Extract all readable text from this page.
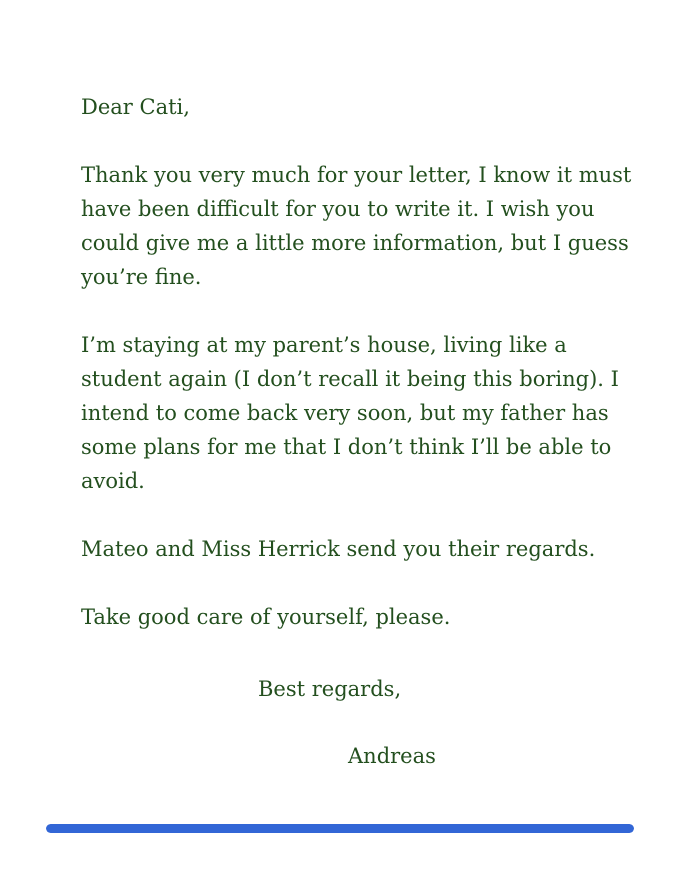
Dear Cati,

Thank you very much for your letter, I know it must have been difficult for you to write it. I wish you could give me a little more information, but I guess you’re fine.

I’m staying at my parent’s house, living like a student again (I don’t recall it being this boring). I intend to come back very soon, but my father has some plans for me that I don’t think I’ll be able to avoid.

Mateo and Miss Herrick send you their regards.

Take good care of yourself, please.

Best regards,
Andreas
